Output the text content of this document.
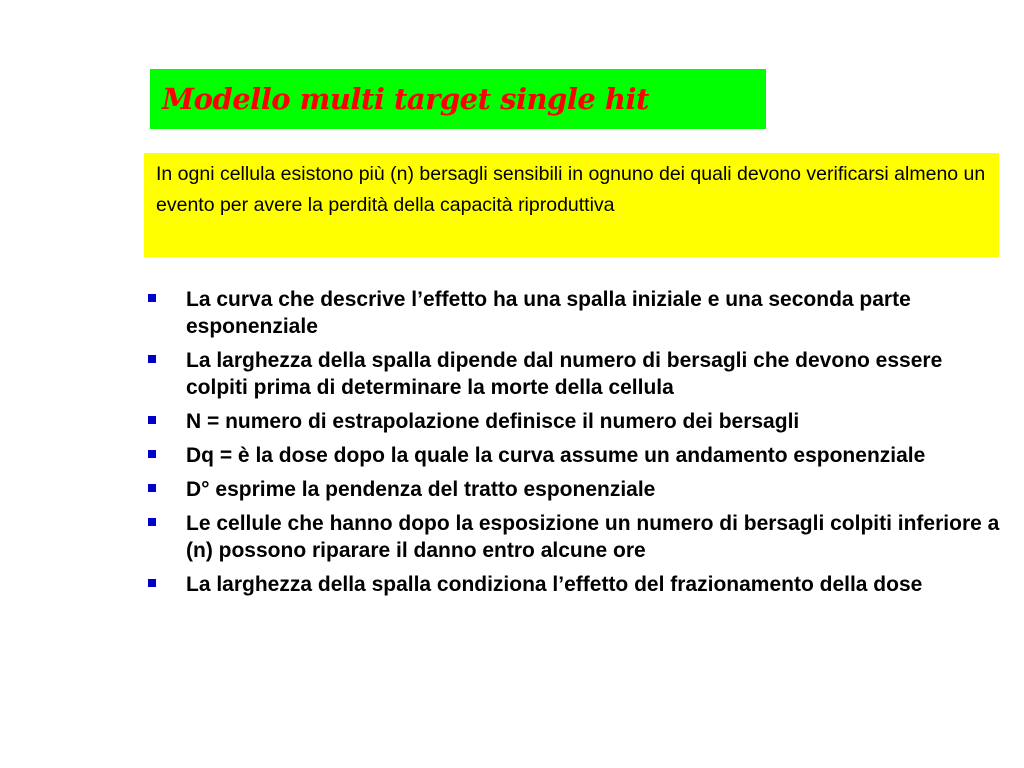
Modello multi target single hit

In ogni cellula esistono più (n) bersagli sensibili in ognuno dei quali devono verificarsi almeno un evento per avere la perdità della capacità riproduttiva

La curva che descrive l’effetto ha una spalla iniziale e una seconda parte esponenziale
La larghezza della spalla dipende dal numero di bersagli che devono essere colpiti prima di determinare la morte della cellula
N = numero di estrapolazione definisce il numero dei bersagli
Dq = è la dose dopo la quale la curva assume un andamento esponenziale
D° esprime la pendenza del tratto esponenziale
Le cellule che hanno dopo la esposizione un numero di bersagli colpiti inferiore a (n) possono riparare il danno entro alcune ore
La larghezza della spalla condiziona l’effetto del frazionamento della dose
